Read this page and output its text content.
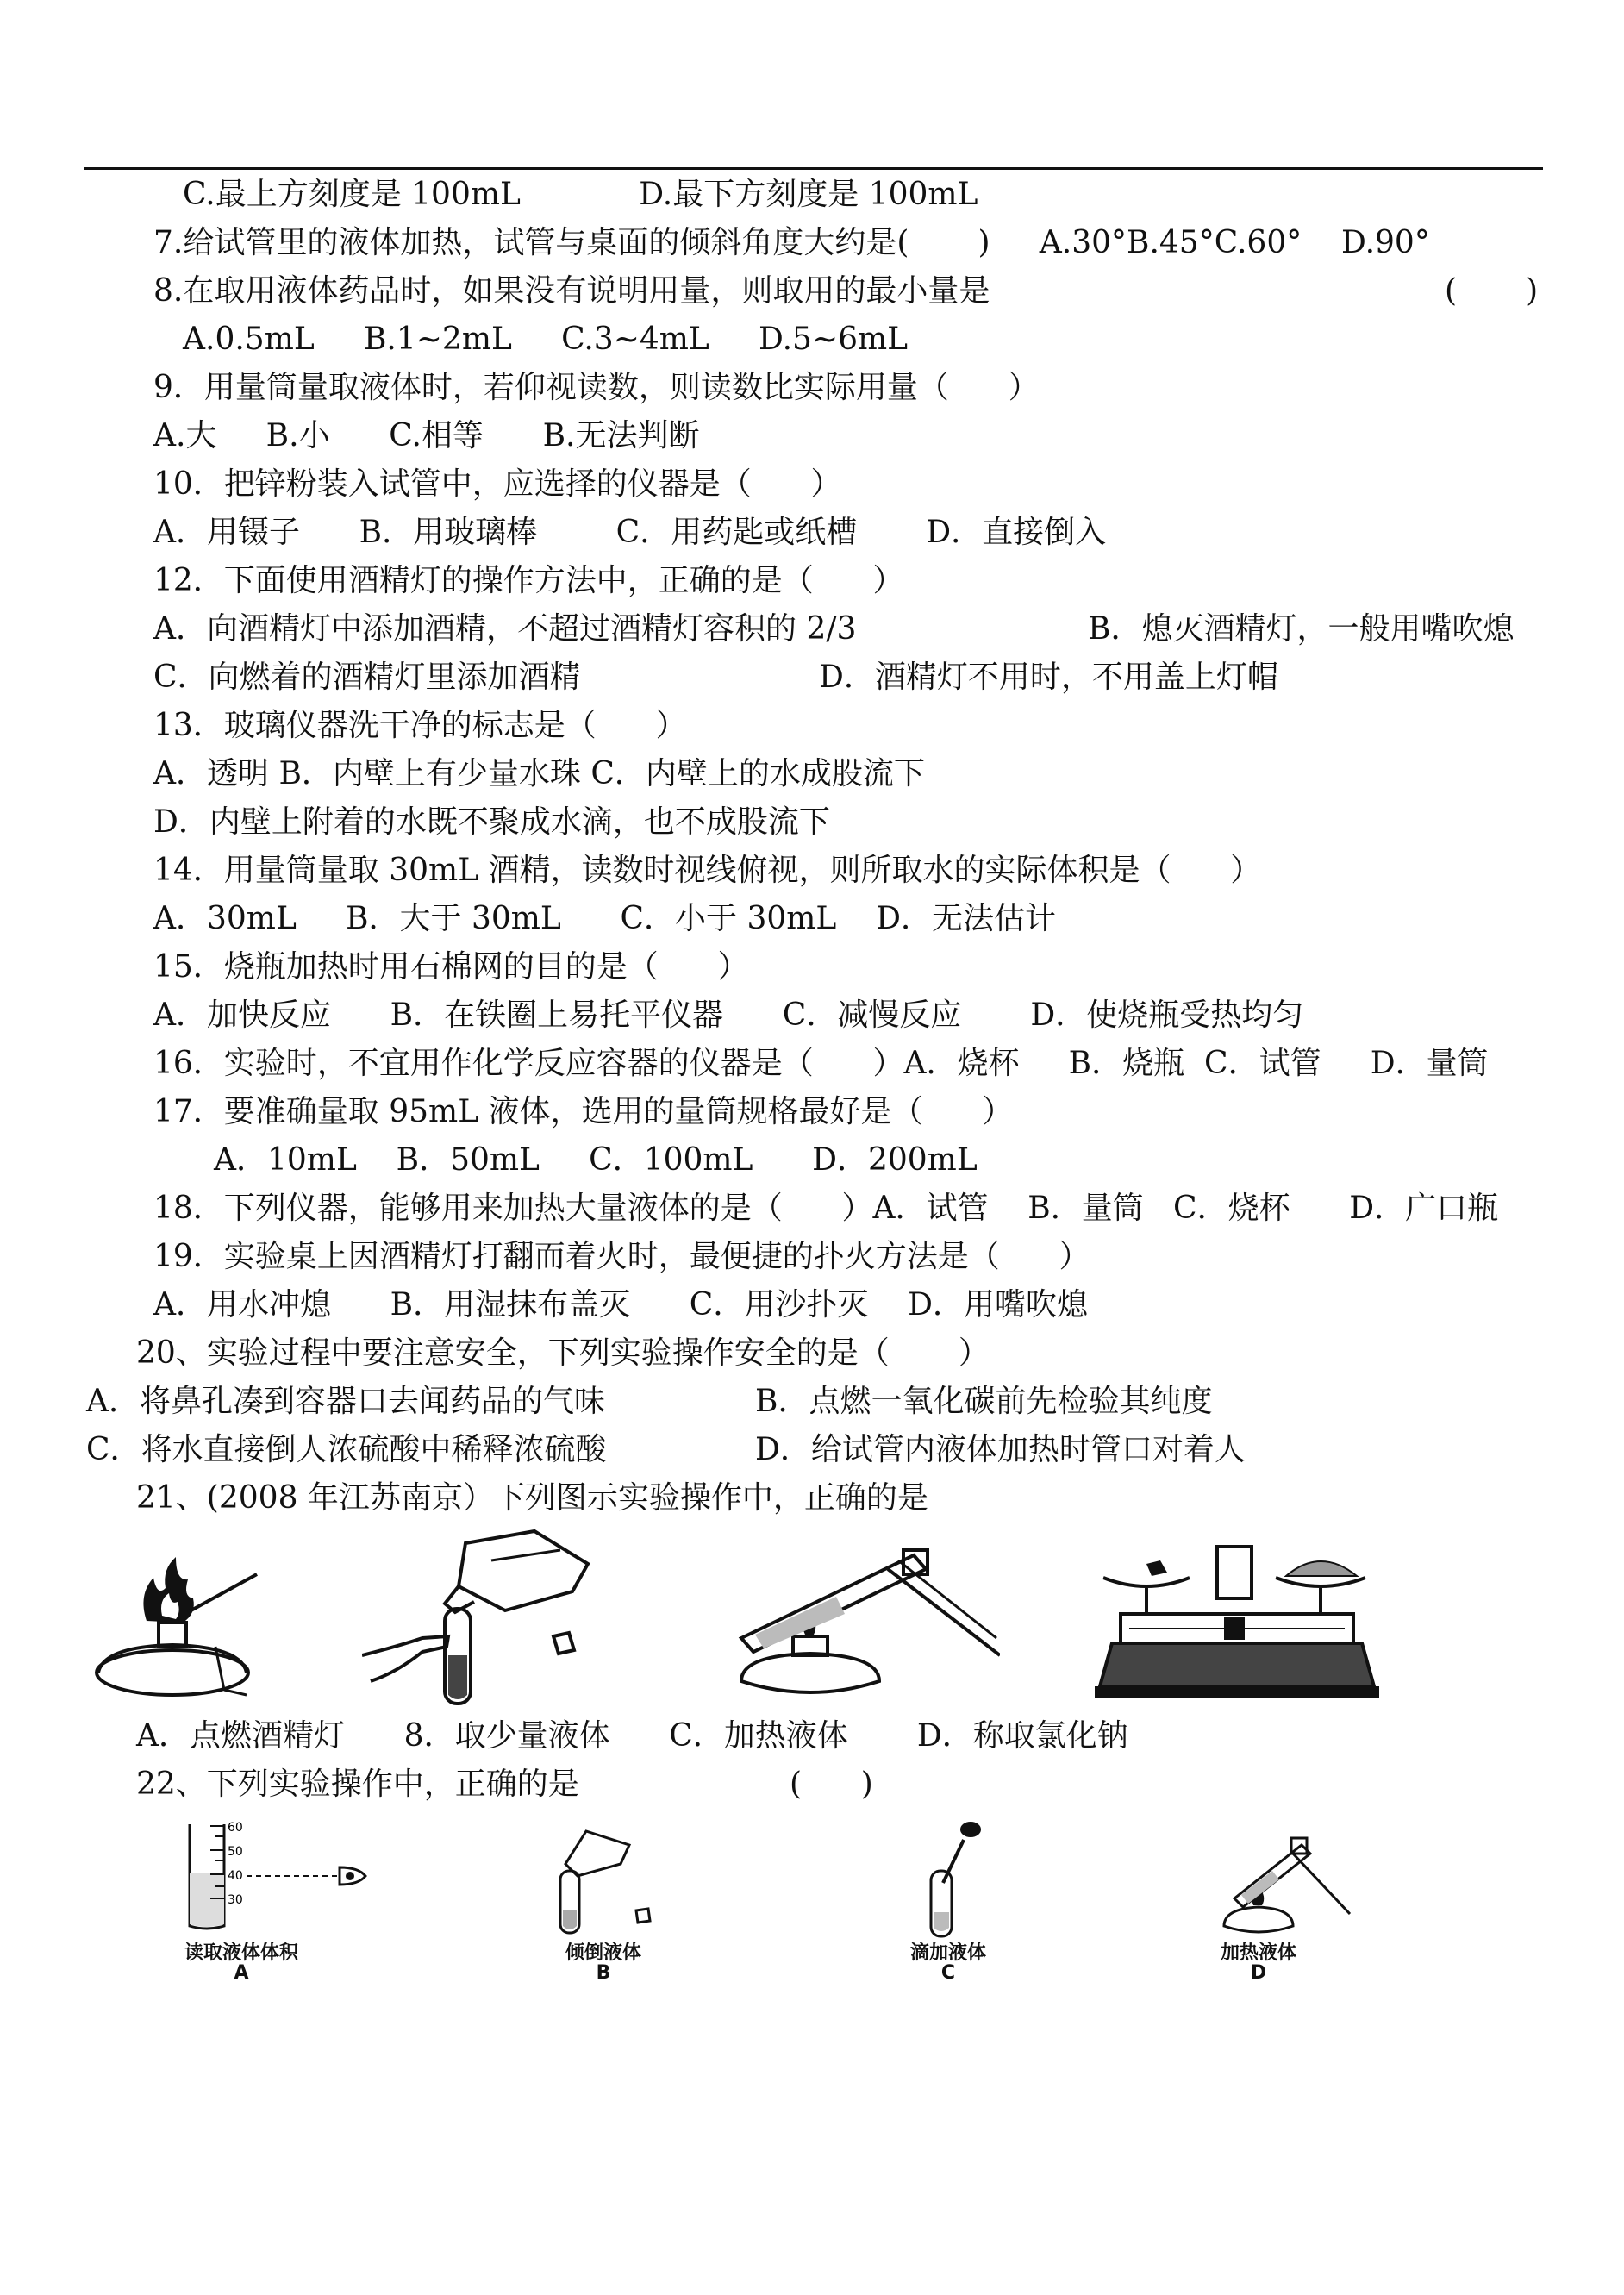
C.最上方刻度是 100mL            D.最下方刻度是 100mL
7.给试管里的液体加热，试管与桌面的倾斜角度大约是(       )     A.30°B.45°C.60°    D.90°
8.在取用液体药品时，如果没有说明用量，则取用的最小量是	(       )
A.0.5mL     B.1~2mL     C.3~4mL     D.5~6mL
9．用量筒量取液体时，若仰视读数，则读数比实际用量（      ）
A.大     B.小      C.相等      B.无法判断
10．把锌粉装入试管中，应选择的仪器是（      ）
A．用镊子      B．用玻璃棒        C．用药匙或纸槽       D．直接倒入
12．下面使用酒精灯的操作方法中，正确的是（      ）
A．向酒精灯中添加酒精，不超过酒精灯容积的 2/3	B．熄灭酒精灯，一般用嘴吹熄
C．向燃着的酒精灯里添加酒精	D．酒精灯不用时，不用盖上灯帽
13．玻璃仪器洗干净的标志是（      ）
A．透明 B．内壁上有少量水珠 C．内壁上的水成股流下
D．内壁上附着的水既不聚成水滴，也不成股流下
14．用量筒量取 30mL 酒精，读数时视线俯视，则所取水的实际体积是（      ）
A．30mL     B．大于 30mL      C．小于 30mL    D．无法估计
15．烧瓶加热时用石棉网的目的是（      ）
A．加快反应      B．在铁圈上易托平仪器      C．减慢反应       D．使烧瓶受热均匀
16．实验时，不宜用作化学反应容器的仪器是（      ）A．烧杯     B．烧瓶  C．试管     D．量筒
17．要准确量取 95mL 液体，选用的量筒规格最好是（      ）
A．10mL    B．50mL     C．100mL      D．200mL
18．下列仪器，能够用来加热大量液体的是（      ）A．试管    B．量筒   C．烧杯      D．广口瓶
19．实验桌上因酒精灯打翻而着火时，最便捷的扑火方法是（      ）
A．用水冲熄      B．用湿抹布盖灭      C．用沙扑灭    D．用嘴吹熄
20、实验过程中要注意安全，下列实验操作安全的是（       ）
A．将鼻孔凑到容器口去闻药品的气味	B．点燃一氧化碳前先检验其纯度
C．将水直接倒人浓硫酸中稀释浓硫酸	D．给试管内液体加热时管口对着人
21、(2008 年江苏南京）下列图示实验操作中，正确的是
A．点燃酒精灯      8．取少量液体      C．加热液体       D．称取氯化钠
22、下列实验操作中，正确的是	(      )
60
50
40
30
读取液体体积
A
倾倒液体
B
滴加液体
C
加热液体
D
